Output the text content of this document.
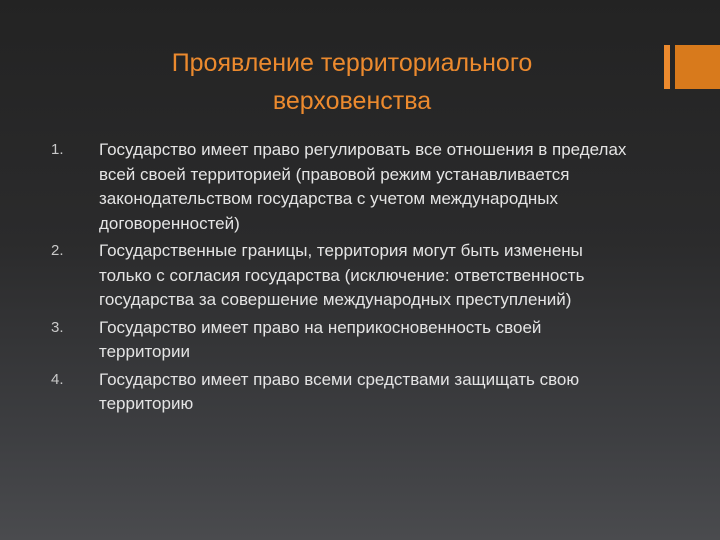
Проявление территориального верховенства
1. Государство имеет право регулировать все отношения в пределах всей своей территорией (правовой режим устанавливается законодательством государства с учетом международных договоренностей)
2. Государственные границы, территория могут быть изменены только с согласия государства (исключение: ответственность государства за совершение международных преступлений)
3. Государство имеет право на неприкосновенность своей территории
4. Государство имеет право всеми средствами защищать свою территорию
